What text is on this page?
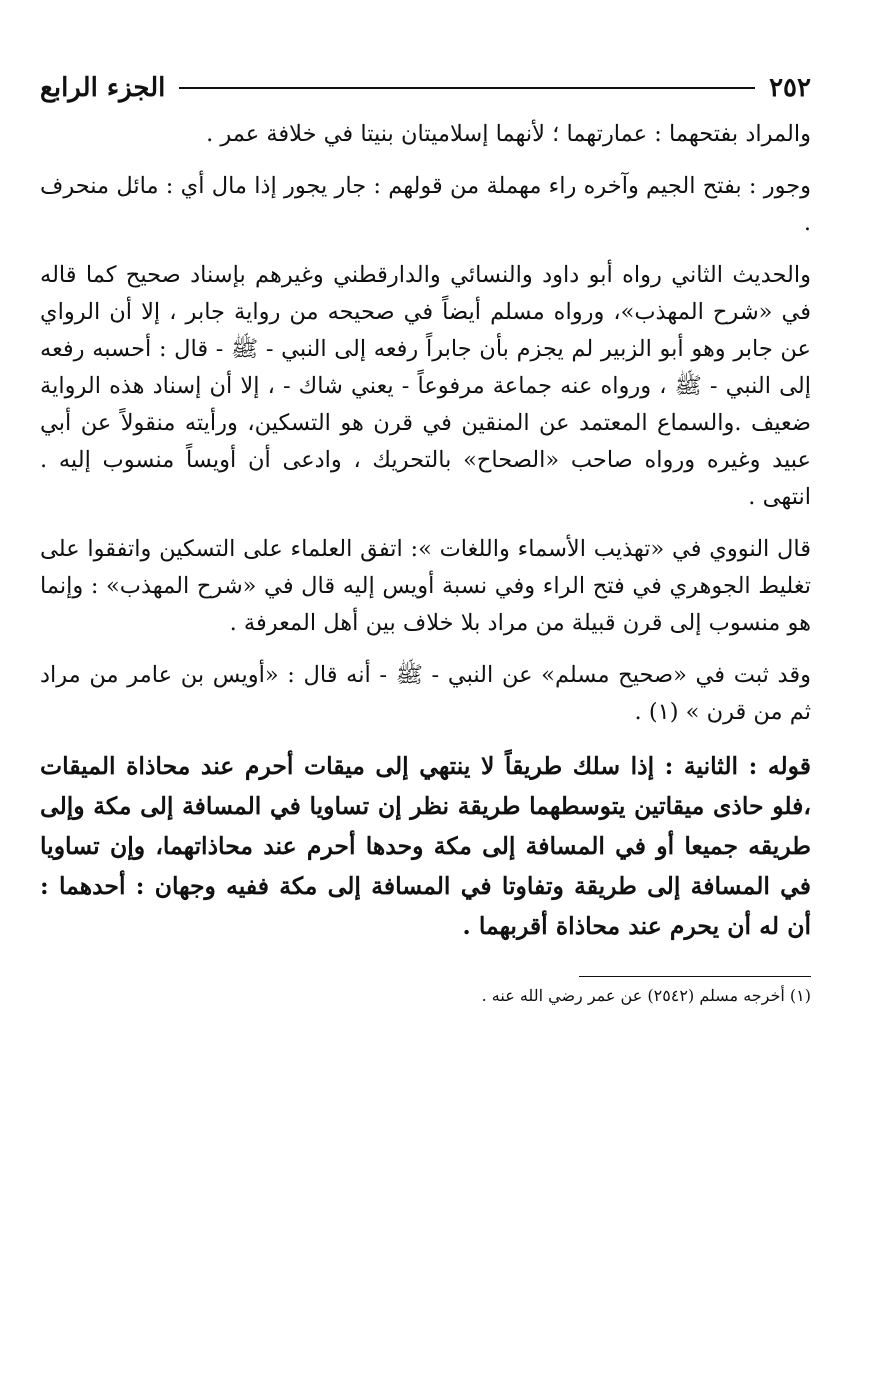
٢٥٢
الجزء الرابع

والمراد بفتحهما : عمارتهما ؛ لأنهما إسلاميتان بنيتا في خلافة عمر .

وجور : بفتح الجيم وآخره راء مهملة من قولهم : جار يجور إذا مال أي : مائل منحرف .

والحديث الثاني رواه أبو داود والنسائي والدارقطني وغيرهم بإسناد صحيح كما قاله في «شرح المهذب»، ورواه مسلم أيضاً في صحيحه من رواية جابر ، إلا أن الرواي عن جابر وهو أبو الزبير لم يجزم بأن جابراً رفعه إلى النبي - ﷺ - قال : أحسبه رفعه إلى النبي - ﷺ ، ورواه عنه جماعة مرفوعاً - يعني شاك - ، إلا أن إسناد هذه الرواية ضعيف .والسماع المعتمد عن المنقين في قرن هو التسكين، ورأيته منقولاً عن أبي عبيد وغيره ورواه صاحب «الصحاح» بالتحريك ، وادعى أن أويساً منسوب إليه . انتهى .

قال النووي في «تهذيب الأسماء واللغات »: اتفق العلماء على التسكين واتفقوا على تغليط الجوهري في فتح الراء وفي نسبة أويس إليه قال في «شرح المهذب» : وإنما هو منسوب إلى قرن قبيلة من مراد بلا خلاف بين أهل المعرفة .

وقد ثبت في «صحيح مسلم» عن النبي - ﷺ - أنه قال : «أويس بن عامر من مراد ثم من قرن » (١) .

قوله : الثانية : إذا سلك طريقاً لا ينتهي إلى ميقات أحرم عند محاذاة الميقات ،فلو حاذى ميقاتين يتوسطهما طريقة نظر إن تساويا في المسافة إلى مكة وإلى طريقه جميعا أو في المسافة إلى مكة وحدها أحرم عند محاذاتهما، وإن تساويا في المسافة إلى طريقة وتفاوتا في المسافة إلى مكة ففيه وجهان : أحدهما : أن له أن يحرم عند محاذاة أقربهما .

(١) أخرجه مسلم (٢٥٤٢) عن عمر رضي الله عنه .
